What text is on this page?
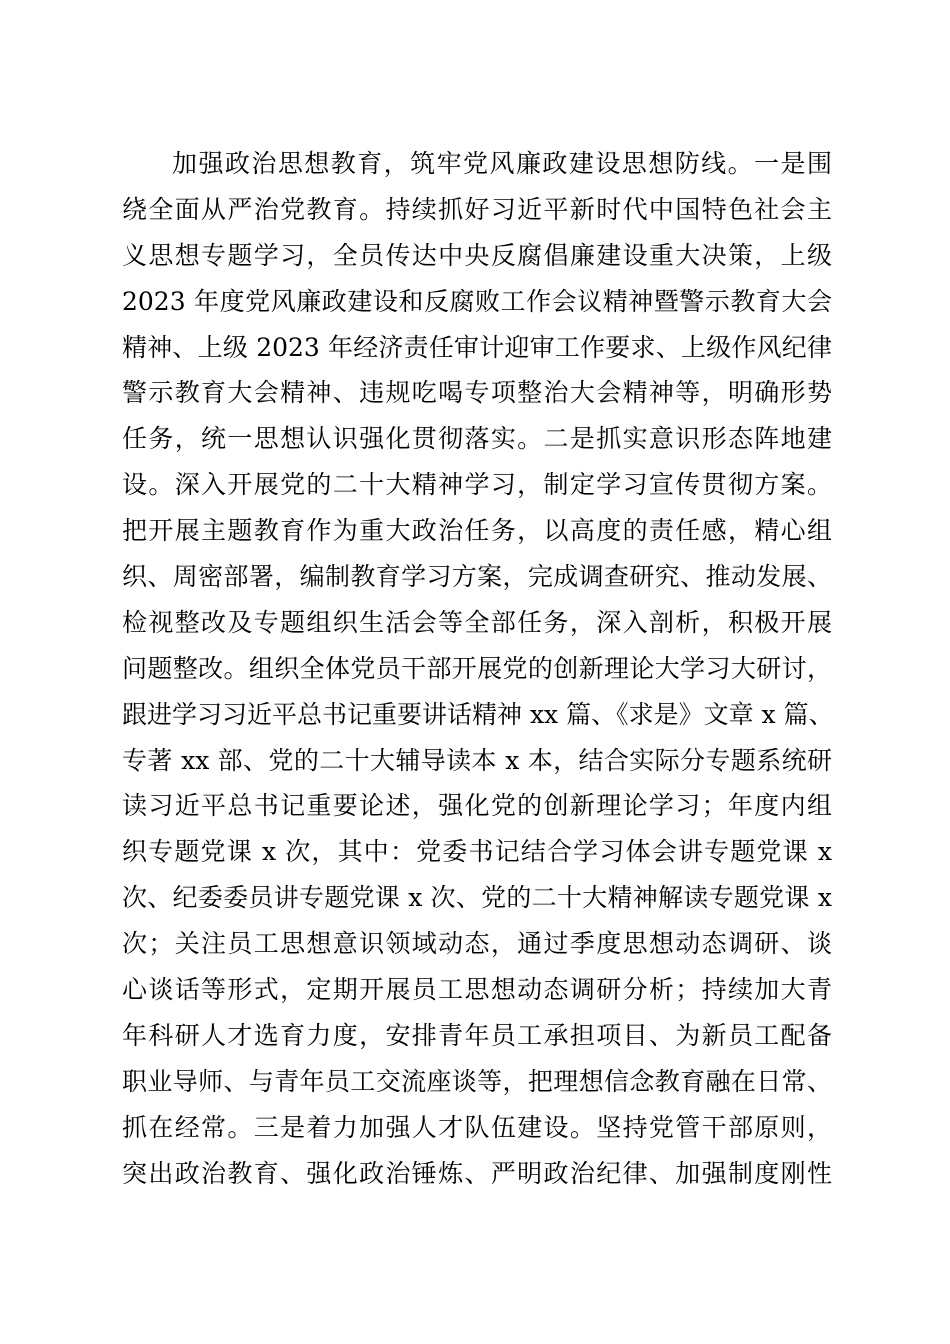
加强政治思想教育，筑牢党风廉政建设思想防线。一是围
绕全面从严治党教育。持续抓好习近平新时代中国特色社会主
义思想专题学习，全员传达中央反腐倡廉建设重大决策，上级
2023 年度党风廉政建设和反腐败工作会议精神暨警示教育大会
精神、上级 2023 年经济责任审计迎审工作要求、上级作风纪律
警示教育大会精神、违规吃喝专项整治大会精神等，明确形势
任务，统一思想认识强化贯彻落实。二是抓实意识形态阵地建
设。深入开展党的二十大精神学习，制定学习宣传贯彻方案。
把开展主题教育作为重大政治任务，以高度的责任感，精心组
织、周密部署，编制教育学习方案，完成调查研究、推动发展、
检视整改及专题组织生活会等全部任务，深入剖析，积极开展
问题整改。组织全体党员干部开展党的创新理论大学习大研讨，
跟进学习习近平总书记重要讲话精神 xx 篇、《求是》文章 x 篇、
专著 xx 部、党的二十大辅导读本 x 本，结合实际分专题系统研
读习近平总书记重要论述，强化党的创新理论学习；年度内组
织专题党课 x 次，其中：党委书记结合学习体会讲专题党课 x
次、纪委委员讲专题党课 x 次、党的二十大精神解读专题党课 x
次；关注员工思想意识领域动态，通过季度思想动态调研、谈
心谈话等形式，定期开展员工思想动态调研分析；持续加大青
年科研人才选育力度，安排青年员工承担项目、为新员工配备
职业导师、与青年员工交流座谈等，把理想信念教育融在日常、
抓在经常。三是着力加强人才队伍建设。坚持党管干部原则，
突出政治教育、强化政治锤炼、严明政治纪律、加强制度刚性
